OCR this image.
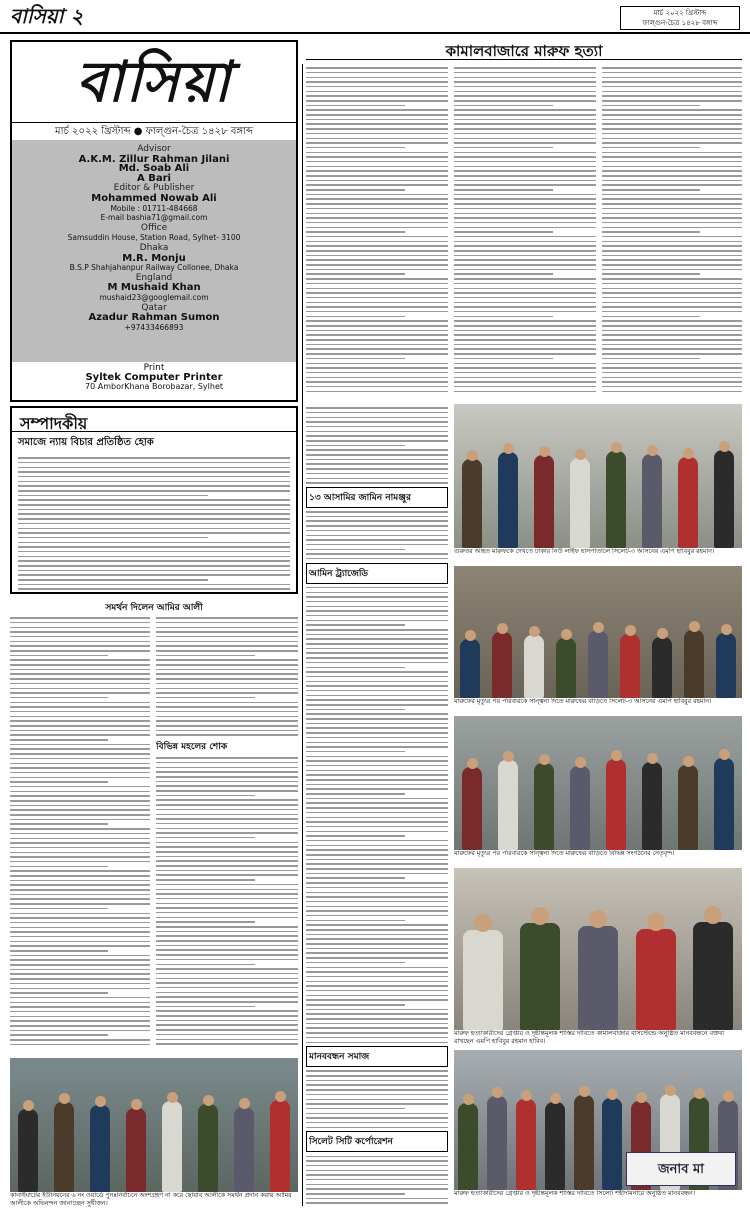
বাসিয়া ২	মার্চ ২০২২ খ্রিস্টাব্দ
ফাল্গুন-চৈত্র ১৪২৮ বঙ্গাব্দ
বাসিয়া
মার্চ ২০২২ খ্রিস্টাব্দ ● ফাল্গুন-চৈত্র ১৪২৮ বঙ্গাব্দ
Advisor
A.K.M. Zillur Rahman Jilani
Md. Soab Ali
A Bari
Editor & Publisher
Mohammed Nowab Ali
Mobile : 01711-484668
E-mail bashia71@gmail.com
Office
Samsuddin House, Station Road, Sylhet- 3100
Dhaka
M.R. Monju
B.S.P Shahjahanpur Railway Collonee, Dhaka
England
M Mushaid Khan
mushaid23@googlemail.com
Qatar
Azadur Rahman Sumon
+97433466893
Print
Syltek Computer Printer
70 AmborKhana Borobazar, Sylhet
সম্পাদকীয়
সমাজে ন্যায় বিচার প্রতিষ্ঠিত হোক
সমর্থন দিলেন আমির আলী
বিভিন্ন মহলের শোক
কানাইঘাটের ইউনিয়নের ৬ নং ওয়ার্ডে পুনঃনির্বাচনে অংশগ্রহণ না করে ছোয়াব আলীকে সমর্থন প্রদান করায় আমির আলীকে অভিনন্দন জানাচ্ছেন সুধীজন।
কামালবাজারে মারুফ হত্যা
১৩ আসামির জামিন নামঞ্জুর
আমিন ট্র্যাজেডি
মানববন্ধন সমাজ
সিলেট সিটি কর্পোরেশন
গুরুতর আহত মারুফকে দেখতে ঢাকার নিউ লাইফ হাসপাতালে সিলেট-৩ আসনের এমপি হাবিবুর রহমান।
মারুফের মৃত্যুর পর পরিবারকে সান্ত্বনা দিতে মারুফের বাড়িতে সিলেট-৩ আসনের এমপি হাবিবুর রহমান।
মারুফের মৃত্যুর পর পরিবারকে সান্ত্বনা দিতে মারুফের বাড়িতে বিভিন্ন সংগঠনের নেতৃবৃন্দ।
মারুফ হত্যাকারীদের গ্রেপ্তার ও দৃষ্টান্তমূলক শাস্তির দাবিতে কামালবাজার বাসস্টেন্ডে অনুষ্ঠিত মানববন্ধনে বক্তব্য রাখছেন এমপি হাবিবুর রহমান হাবিব।
জনাব মা
মারুফ হত্যাকারীদের গ্রেপ্তার ও দৃষ্টান্তমূলক শাস্তির দাবিতে সিলেট শহীদমিনারে অনুষ্ঠিত মানববন্ধন।
